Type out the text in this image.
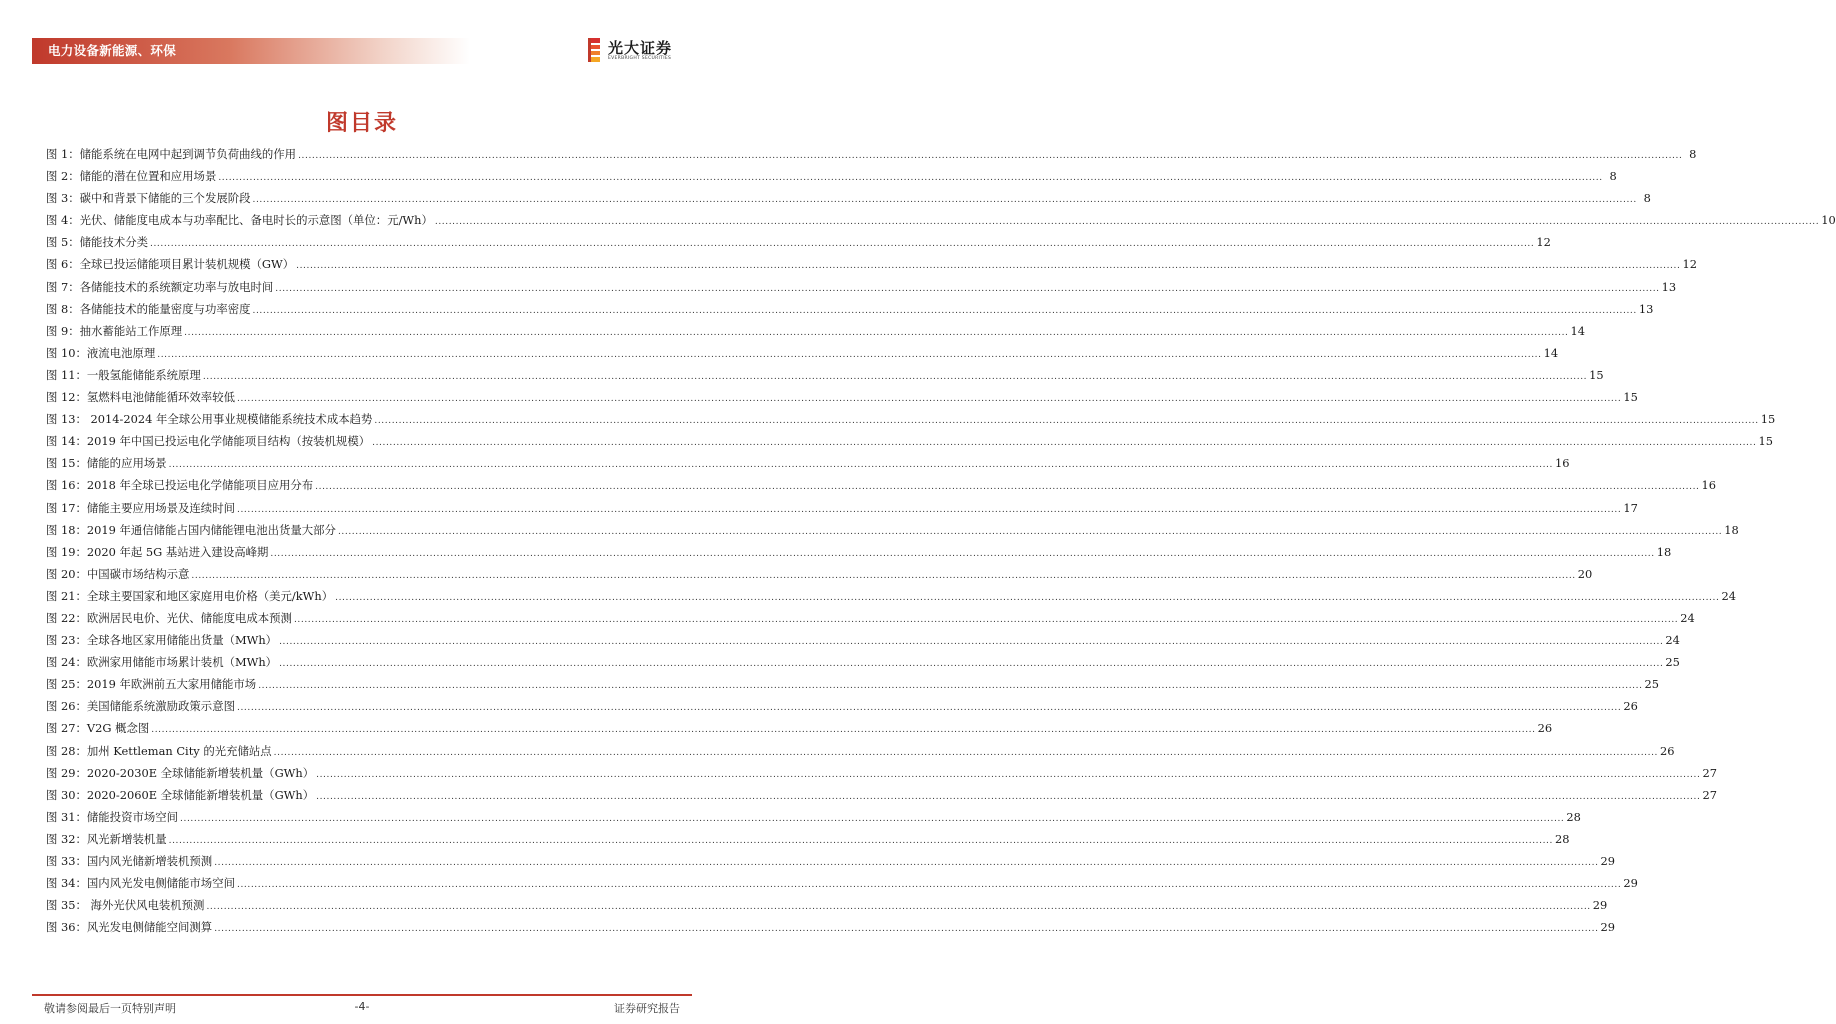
电力设备新能源、环保	光大证券
EVERBRIGHT SECURITIES
图目录
图 1：储能系统在电网中起到调节负荷曲线的作用 ................................................................................................................................................................................................................................................................................................................................................................................................................ 8
图 2：储能的潜在位置和应用场景 ................................................................................................................................................................................................................................................................................................................................................................................................................ 8
图 3：碳中和背景下储能的三个发展阶段 ................................................................................................................................................................................................................................................................................................................................................................................................................ 8
图 4：光伏、储能度电成本与功率配比、备电时长的示意图（单位：元/Wh） ................................................................................................................................................................................................................................................................................................................................................................................................................ 10
图 5：储能技术分类 ................................................................................................................................................................................................................................................................................................................................................................................................................ 12
图 6：全球已投运储能项目累计装机规模（GW） ................................................................................................................................................................................................................................................................................................................................................................................................................ 12
图 7：各储能技术的系统额定功率与放电时间 ................................................................................................................................................................................................................................................................................................................................................................................................................ 13
图 8：各储能技术的能量密度与功率密度 ................................................................................................................................................................................................................................................................................................................................................................................................................ 13
图 9：抽水蓄能站工作原理 ................................................................................................................................................................................................................................................................................................................................................................................................................ 14
图 10：液流电池原理 ................................................................................................................................................................................................................................................................................................................................................................................................................ 14
图 11：一般氢能储能系统原理 ................................................................................................................................................................................................................................................................................................................................................................................................................ 15
图 12：氢燃料电池储能循环效率较低 ................................................................................................................................................................................................................................................................................................................................................................................................................ 15
图 13： 2014-2024 年全球公用事业规模储能系统技术成本趋势 ................................................................................................................................................................................................................................................................................................................................................................................................................ 15
图 14：2019 年中国已投运电化学储能项目结构（按装机规模） ................................................................................................................................................................................................................................................................................................................................................................................................................ 15
图 15：储能的应用场景 ................................................................................................................................................................................................................................................................................................................................................................................................................ 16
图 16：2018 年全球已投运电化学储能项目应用分布 ................................................................................................................................................................................................................................................................................................................................................................................................................ 16
图 17：储能主要应用场景及连续时间 ................................................................................................................................................................................................................................................................................................................................................................................................................ 17
图 18：2019 年通信储能占国内储能锂电池出货量大部分 ................................................................................................................................................................................................................................................................................................................................................................................................................ 18
图 19：2020 年起 5G 基站进入建设高峰期 ................................................................................................................................................................................................................................................................................................................................................................................................................ 18
图 20：中国碳市场结构示意 ................................................................................................................................................................................................................................................................................................................................................................................................................ 20
图 21：全球主要国家和地区家庭用电价格（美元/kWh） ................................................................................................................................................................................................................................................................................................................................................................................................................ 24
图 22：欧洲居民电价、光伏、储能度电成本预测 ................................................................................................................................................................................................................................................................................................................................................................................................................ 24
图 23：全球各地区家用储能出货量（MWh） ................................................................................................................................................................................................................................................................................................................................................................................................................ 24
图 24：欧洲家用储能市场累计装机（MWh） ................................................................................................................................................................................................................................................................................................................................................................................................................ 25
图 25：2019 年欧洲前五大家用储能市场 ................................................................................................................................................................................................................................................................................................................................................................................................................ 25
图 26：美国储能系统激励政策示意图 ................................................................................................................................................................................................................................................................................................................................................................................................................ 26
图 27：V2G 概念图 ................................................................................................................................................................................................................................................................................................................................................................................................................ 26
图 28：加州 Kettleman City 的光充储站点 ................................................................................................................................................................................................................................................................................................................................................................................................................ 26
图 29：2020-2030E 全球储能新增装机量（GWh） ................................................................................................................................................................................................................................................................................................................................................................................................................ 27
图 30：2020-2060E 全球储能新增装机量（GWh） ................................................................................................................................................................................................................................................................................................................................................................................................................ 27
图 31：储能投资市场空间 ................................................................................................................................................................................................................................................................................................................................................................................................................ 28
图 32：风光新增装机量 ................................................................................................................................................................................................................................................................................................................................................................................................................ 28
图 33：国内风光储新增装机预测 ................................................................................................................................................................................................................................................................................................................................................................................................................ 29
图 34：国内风光发电侧储能市场空间 ................................................................................................................................................................................................................................................................................................................................................................................................................ 29
图 35： 海外光伏风电装机预测 ................................................................................................................................................................................................................................................................................................................................................................................................................ 29
图 36：风光发电侧储能空间测算 ................................................................................................................................................................................................................................................................................................................................................................................................................ 29
敬请参阅最后一页特别声明	-4-	证券研究报告
